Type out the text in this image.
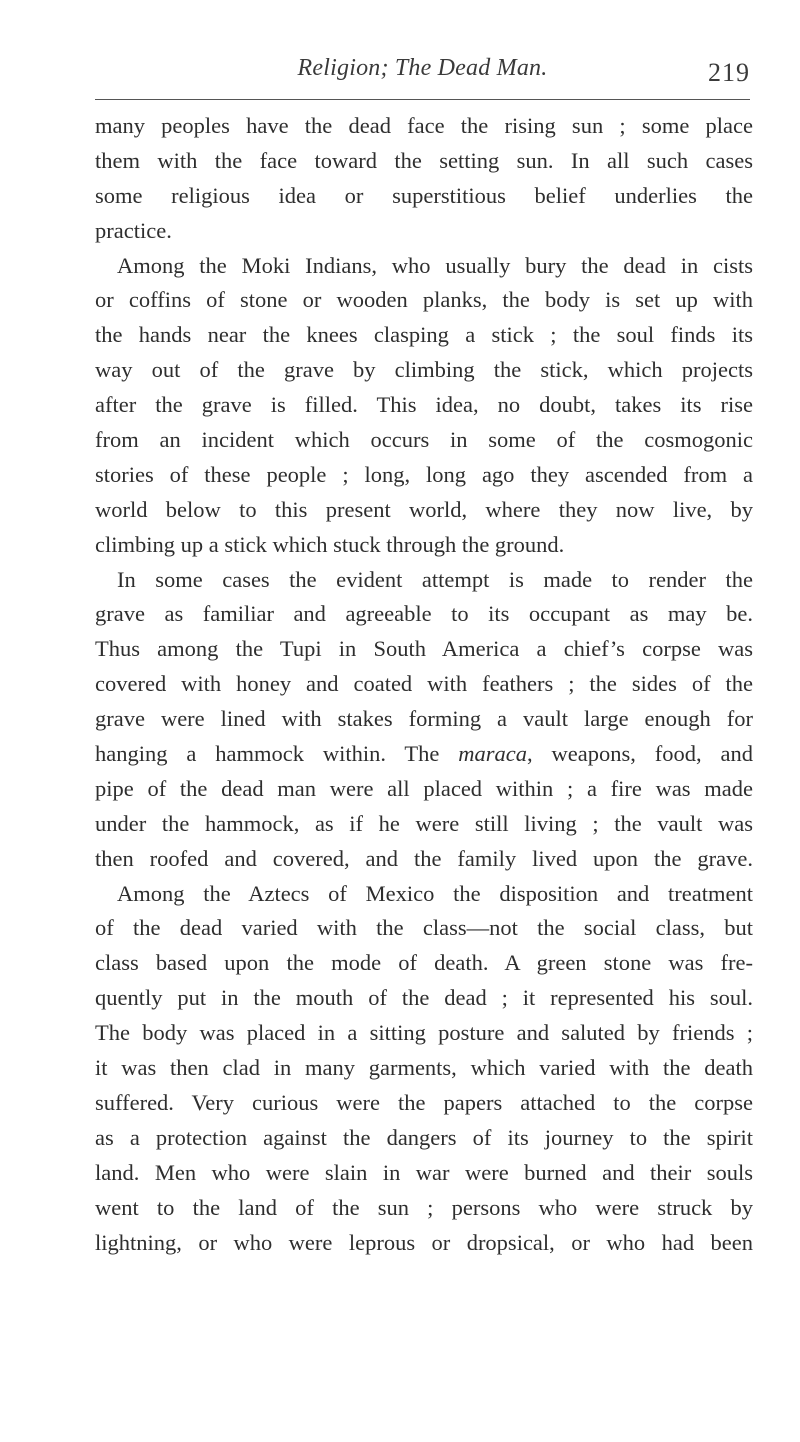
Religion; The Dead Man.	219
many peoples have the dead face the rising sun ; some place
them with the face toward the setting sun. In all such cases
some religious idea or superstitious belief underlies the
practice.
Among the Moki Indians, who usually bury the dead in cists
or coffins of stone or wooden planks, the body is set up with
the hands near the knees clasping a stick ; the soul finds its
way out of the grave by climbing the stick, which projects
after the grave is filled. This idea, no doubt, takes its rise
from an incident which occurs in some of the cosmogonic
stories of these people ; long, long ago they ascended from a
world below to this present world, where they now live, by
climbing up a stick which stuck through the ground.
In some cases the evident attempt is made to render the
grave as familiar and agreeable to its occupant as may be.
Thus among the Tupi in South America a chief’s corpse was
covered with honey and coated with feathers ; the sides of the
grave were lined with stakes forming a vault large enough for
hanging a hammock within. The maraca, weapons, food, and
pipe of the dead man were all placed within ; a fire was made
under the hammock, as if he were still living ; the vault was
then roofed and covered, and the family lived upon the grave.
Among the Aztecs of Mexico the disposition and treatment
of the dead varied with the class—not the social class, but
class based upon the mode of death. A green stone was fre-
quently put in the mouth of the dead ; it represented his soul.
The body was placed in a sitting posture and saluted by friends ;
it was then clad in many garments, which varied with the death
suffered. Very curious were the papers attached to the corpse
as a protection against the dangers of its journey to the spirit
land. Men who were slain in war were burned and their souls
went to the land of the sun ; persons who were struck by
lightning, or who were leprous or dropsical, or who had been
